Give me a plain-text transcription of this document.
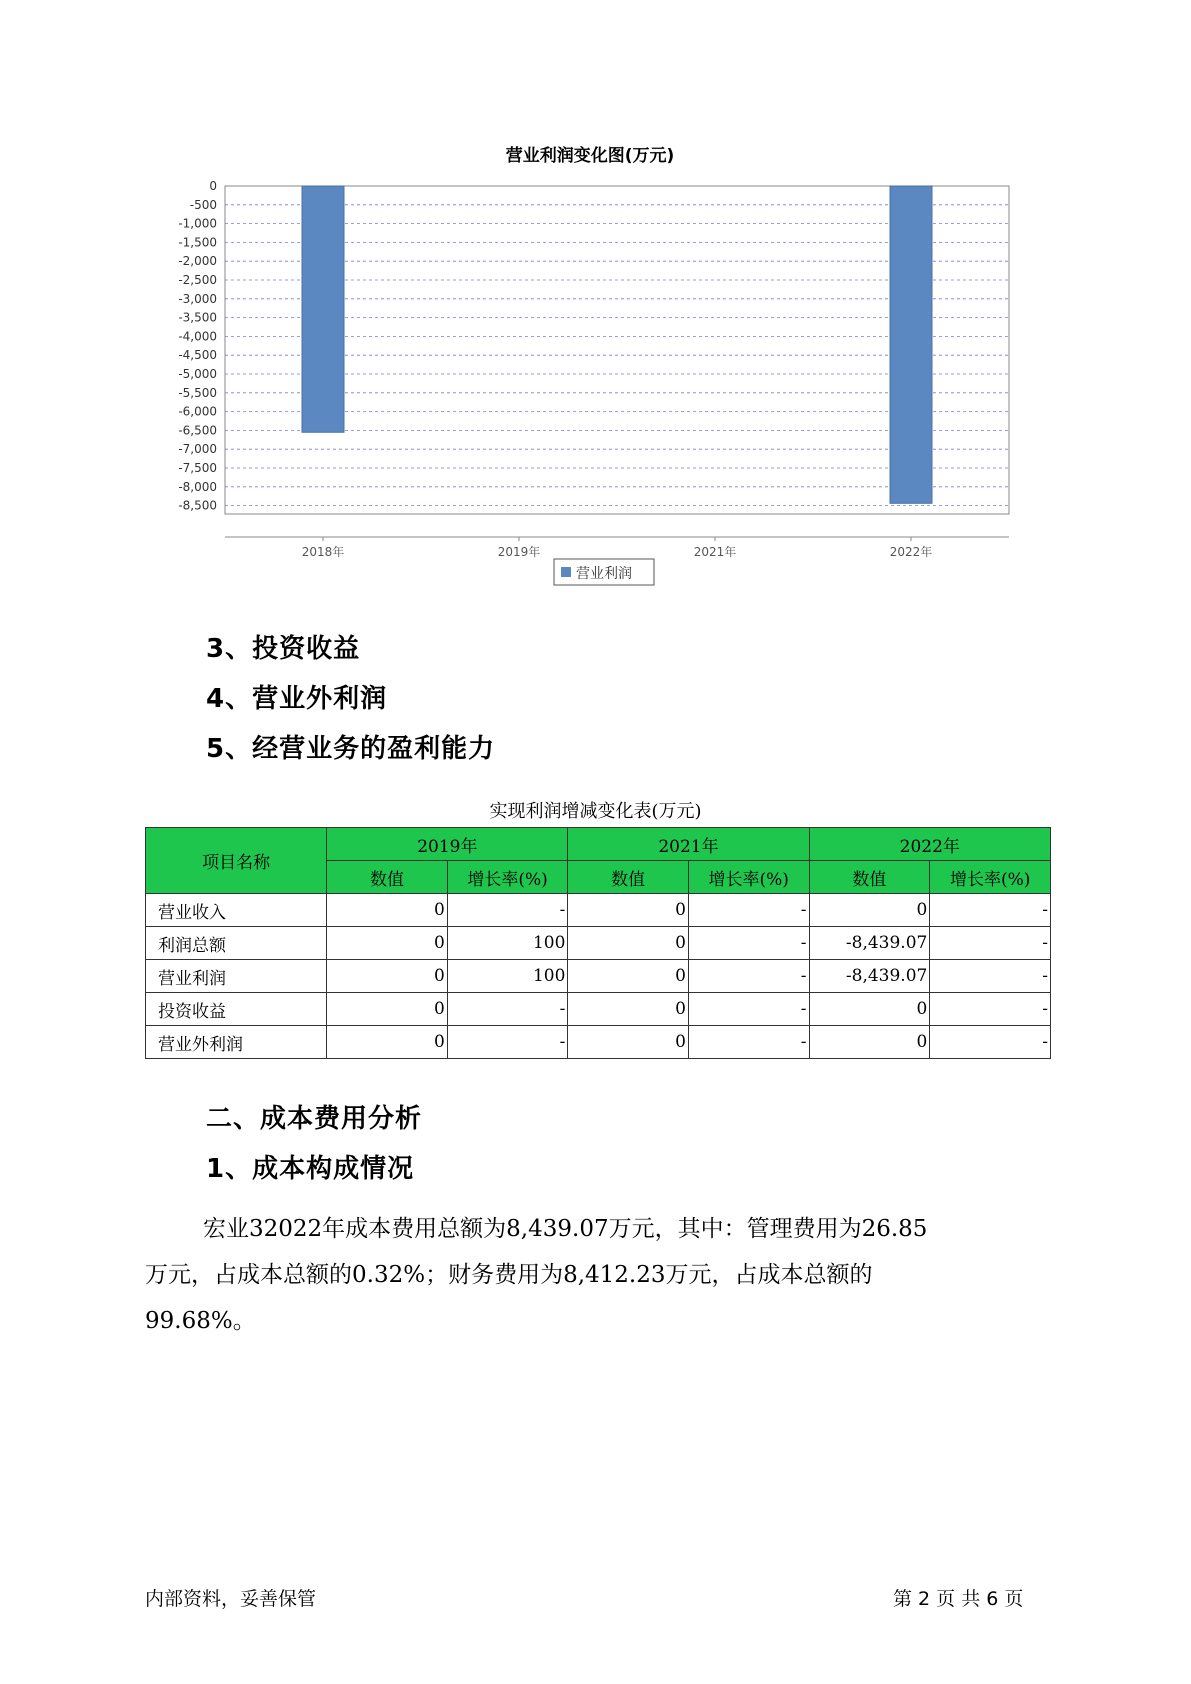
营业利润变化图(万元)
0
-500
-1,000
-1,500
-2,000
-2,500
-3,000
-3,500
-4,000
-4,500
-5,000
-5,500
-6,000
-6,500
-7,000
-7,500
-8,000
-8,500
2018年	2019年	2021年	2022年
营业利润
3、投资收益
4、营业外利润
5、经营业务的盈利能力
实现利润增减变化表(万元)
项目名称	2019年		2021年		2022年	
	数值	增长率(%)	数值	增长率(%)	数值	增长率(%)
营业收入	0	-	0	-	0	-
利润总额	0	100	0	-	-8,439.07	-
营业利润	0	100	0	-	-8,439.07	-
投资收益	0	-	0	-	0	-
营业外利润	0	-	0	-	0	-
二、成本费用分析
1、成本构成情况
宏业32022年成本费用总额为8,439.07万元，其中：管理费用为26.85
万元，占成本总额的0.32%；财务费用为8,412.23万元，占成本总额的
99.68%。
内部资料，妥善保管	第 2 页 共 6 页
